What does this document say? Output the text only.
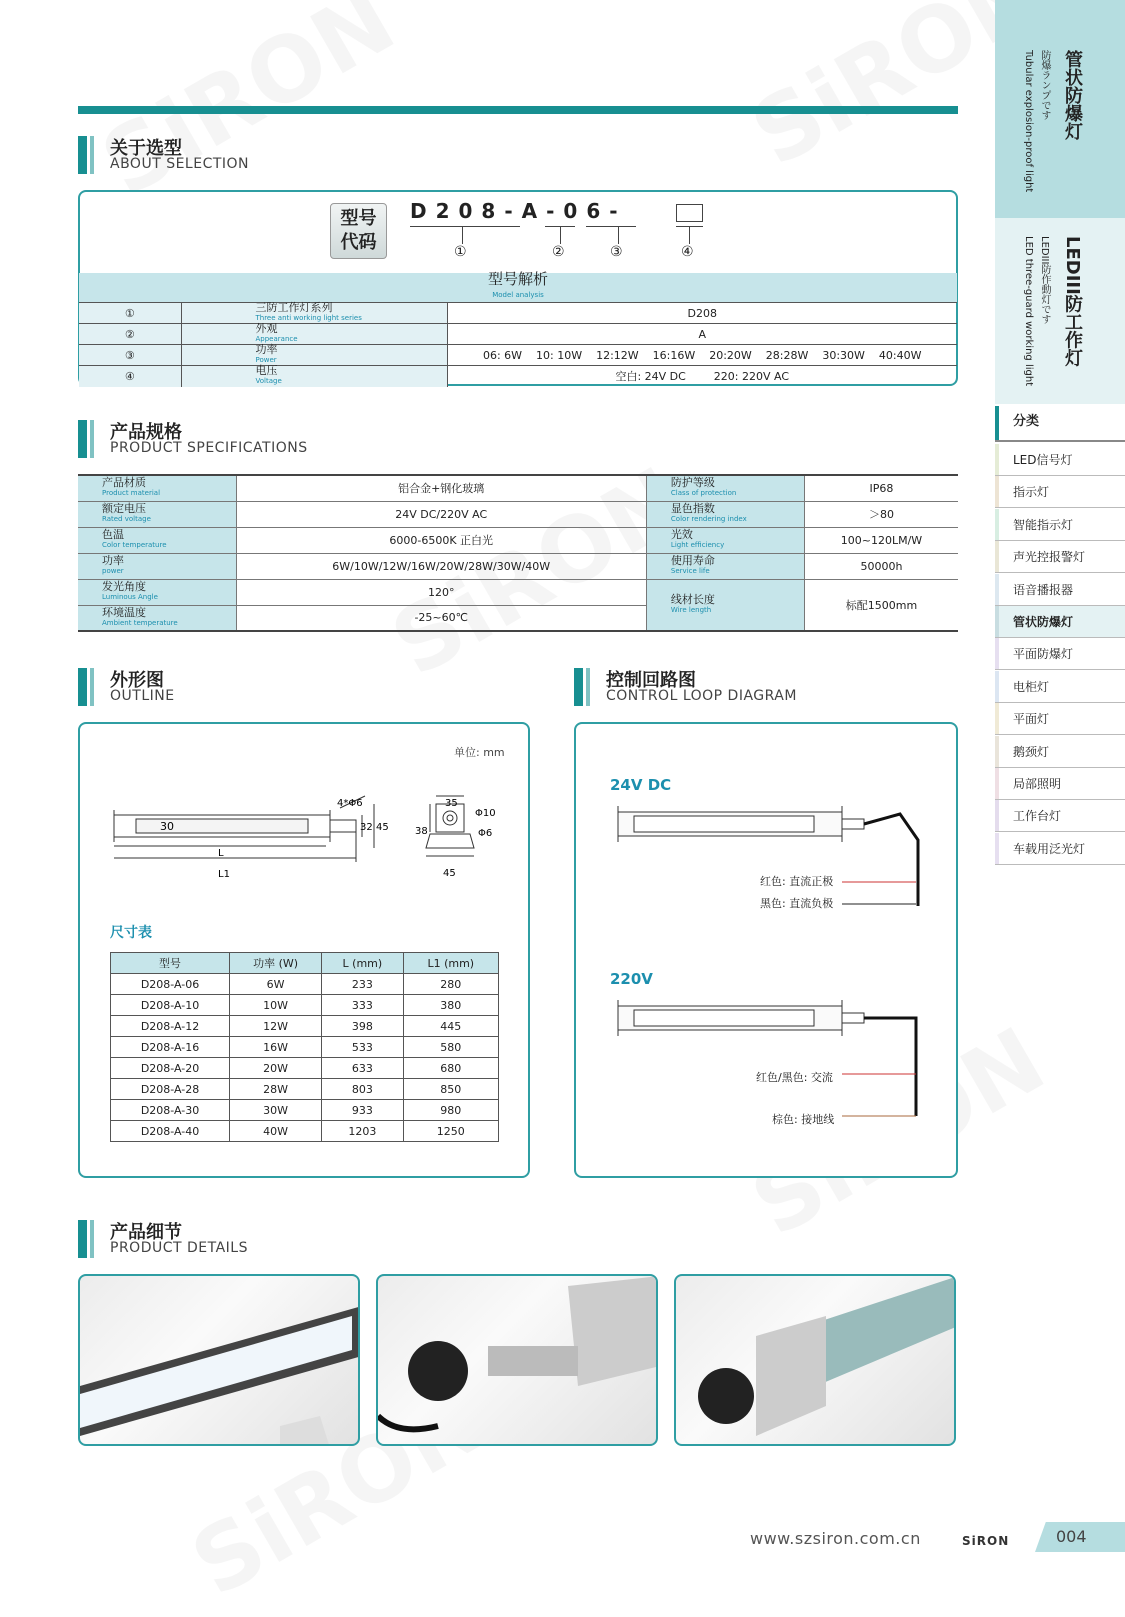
关于选型
ABOUT SELECTION
型号
代码
D208-A-06-
①	②	③	④
型号解析
Model analysis		
①	三防工作灯系列
Three anti working light series	D208
②	外观
Appearance	A
③	功率
Power	06: 6W    10: 10W    12:12W    16:16W    20:20W    28:28W    30:30W    40:40W
④	电压
Voltage	空白: 24V DC        220: 220V AC
产品规格
PRODUCT SPECIFICATIONS
产品材质
Product material	铝合金+钢化玻璃	防护等级
Class of protection	IP68

额定电压
Rated voltage	24V DC/220V AC	显色指数
Color rendering index	＞80

色温
Color temperature	6000-6500K 正白光	光效
Light efficiency	100~120LM/W

功率
power	6W/10W/12W/16W/20W/28W/30W/40W	使用寿命
Service life	50000h

发光角度
Luminous Angle	120°	线材长度
Wire length	标配1500mm

环境温度
Ambient temperature	-25~60℃		
外形图
OUTLINE
单位: mm
30	32 45
L
L1
4*Φ6	35
38
45
Φ10
Φ6
尺寸表
型号	功率 (W)	L (mm)	L1 (mm)
D208-A-06	6W	233	280
D208-A-10	10W	333	380
D208-A-12	12W	398	445
D208-A-16	16W	533	580
D208-A-20	20W	633	680
D208-A-28	28W	803	850
D208-A-30	30W	933	980
D208-A-40	40W	1203	1250
控制回路图
CONTROL LOOP DIAGRAM
24V DC
红色: 直流正极
黑色: 直流负极
220V
红色/黑色: 交流
棕色: 接地线
产品细节
PRODUCT DETAILS
管状防爆灯
防爆ランプです
Tubular explosion-proof light
LEDIII防工作灯
LEDIII防作動灯です
LED three-guard working light
分类
LED信号灯
指示灯
智能指示灯
声光控报警灯
语音播报器
管状防爆灯
平面防爆灯
电柜灯
平面灯
鹅颈灯
局部照明
工作台灯
车载用泛光灯
www.szsiron.com.cn	SiRON	004
